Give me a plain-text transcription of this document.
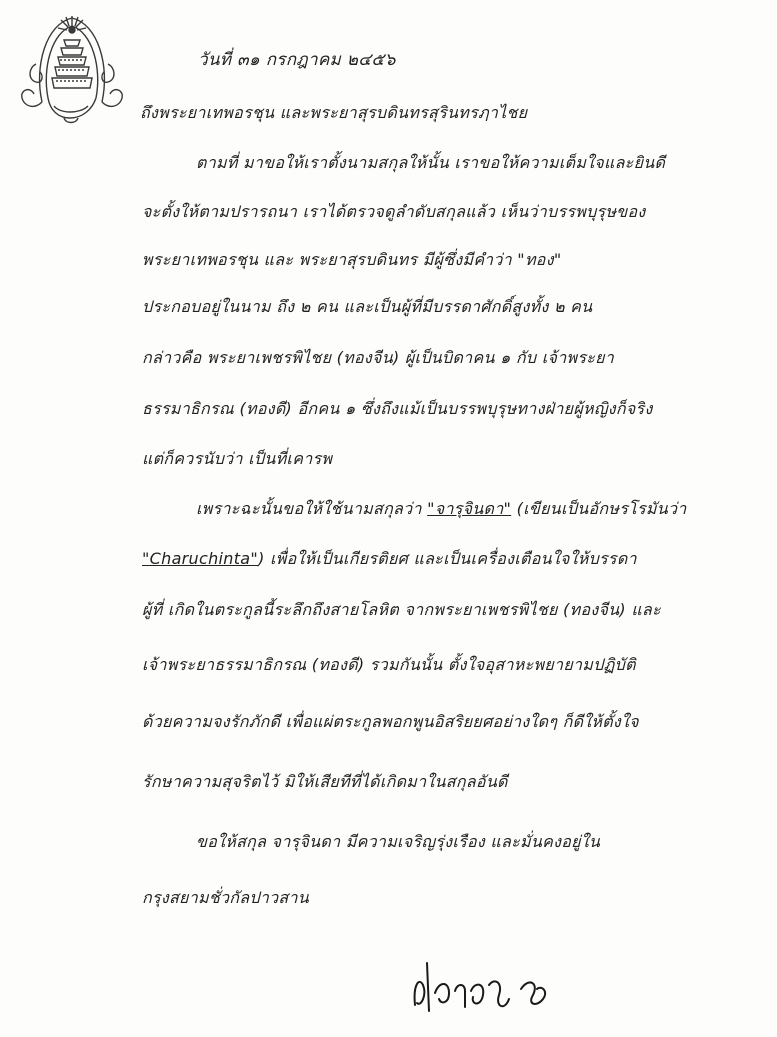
วันที่ ๓๑ กรกฎาคม ๒๔๕๖
ถึงพระยาเทพอรชุน และพระยาสุรบดินทรสุรินทรฦาไชย
ตามที่ มาขอให้เราตั้งนามสกุลให้นั้น เราขอให้ความเต็มใจและยินดี
จะตั้งให้ตามปรารถนา เราได้ตรวจดูลำดับสกุลแล้ว เห็นว่าบรรพบุรุษของ
พระยาเทพอรชุน และ พระยาสุรบดินทร มีผู้ซึ่งมีคำว่า "ทอง"
ประกอบอยู่ในนาม ถึง ๒ คน และเป็นผู้ที่มีบรรดาศักดิ์สูงทั้ง ๒ คน
กล่าวคือ พระยาเพชรพิไชย (ทองจีน) ผู้เป็นบิดาคน ๑ กับ เจ้าพระยา
ธรรมาธิกรณ (ทองดี) อีกคน ๑ ซึ่งถึงแม้เป็นบรรพบุรุษทางฝ่ายผู้หญิงก็จริง
แต่ก็ควรนับว่า เป็นที่เคารพ
เพราะฉะนั้นขอให้ใช้นามสกุลว่า "จารุจินดา" (เขียนเป็นอักษรโรมันว่า
"Charuchinta") เพื่อให้เป็นเกียรติยศ และเป็นเครื่องเตือนใจให้บรรดา
ผู้ที่ เกิดในตระกูลนี้ระลึกถึงสายโลหิต จากพระยาเพชรพิไชย (ทองจีน) และ
เจ้าพระยาธรรมาธิกรณ (ทองดี) รวมกันนั้น ตั้งใจอุสาหะพยายามปฏิบัติ
ด้วยความจงรักภักดี เพื่อแผ่ตระกูลพอกพูนอิสริยยศอย่างใดๆ ก็ดีให้ตั้งใจ
รักษาความสุจริตไว้ มิให้เสียทีที่ได้เกิดมาในสกุลอันดี
ขอให้สกุล จารุจินดา มีความเจริญรุ่งเรือง และมั่นคงอยู่ใน
กรุงสยามชั่วกัลปาวสาน
